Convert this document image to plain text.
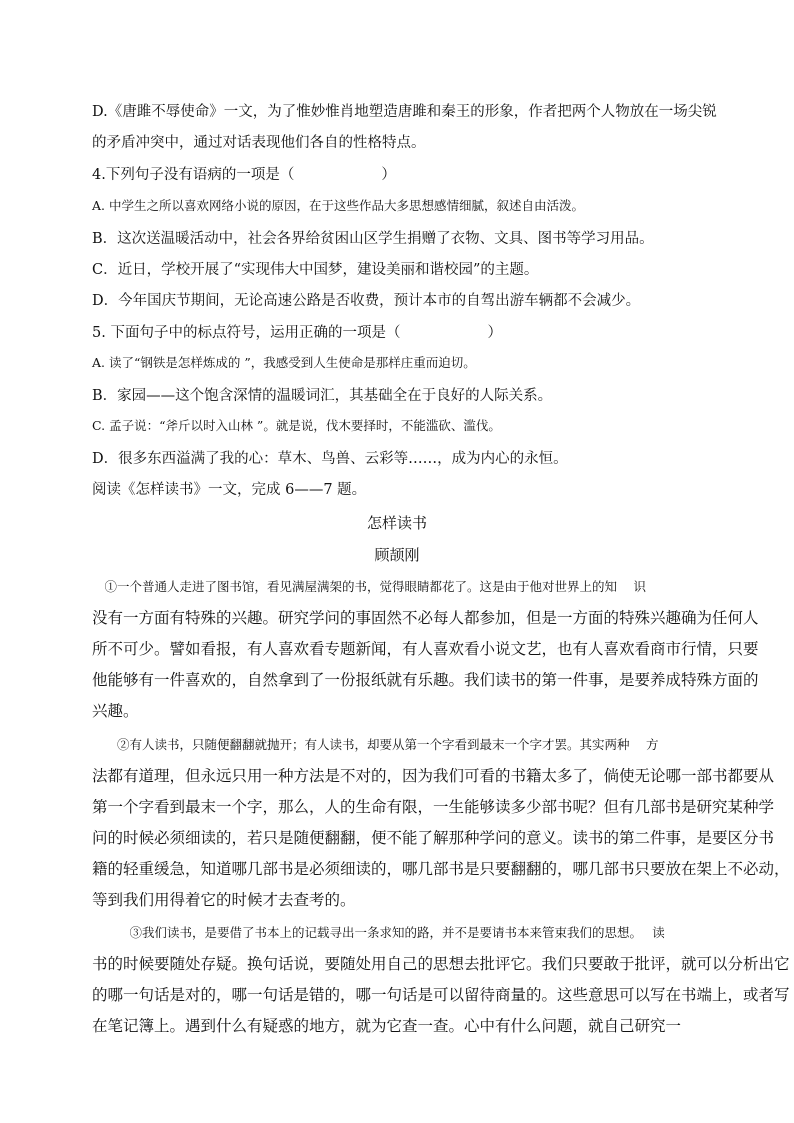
D.《唐雎不辱使命》一文，为了惟妙惟肖地塑造唐雎和秦王的形象，作者把两个人物放在一场尖锐
的矛盾冲突中，通过对话表现他们各自的性格特点。
4.下列句子没有语病的一项是（　　　　　　）
A. 中学生之所以喜欢网络小说的原因，在于这些作品大多思想感情细腻，叙述自由活泼。
B．这次送温暖活动中，社会各界给贫困山区学生捐赠了衣物、文具、图书等学习用品。
C．近日，学校开展了“实现伟大中国梦，建设美丽和谐校园”的主题。
D．今年国庆节期间，无论高速公路是否收费，预计本市的自驾出游车辆都不会减少。
5. 下面句子中的标点符号，运用正确的一项是（　　　　　　）
A. 读了“钢铁是怎样炼成的 ”，我感受到人生使命是那样庄重而迫切。
B．家园——这个饱含深情的温暖词汇，其基础全在于良好的人际关系。
C. 孟子说：“斧斤以时入山林 ”。就是说，伐木要择时，不能滥砍、滥伐。
D．很多东西溢满了我的心：草木、鸟兽、云彩等……，成为内心的永恒。
阅读《怎样读书》一文，完成 6——7 题。
怎样读书
顾颉刚
　①一个普通人走进了图书馆，看见满屋满架的书，觉得眼睛都花了。这是由于他对世界上的知　 识
没有一方面有特殊的兴趣。研究学问的事固然不必每人都参加，但是一方面的特殊兴趣确为任何人
所不可少。譬如看报，有人喜欢看专题新闻，有人喜欢看小说文艺，也有人喜欢看商市行情，只要
他能够有一件喜欢的，自然拿到了一份报纸就有乐趣。我们读书的第一件事，是要养成特殊方面的
兴趣。
　　②有人读书，只随便翻翻就抛开；有人读书，却要从第一个字看到最末一个字才罢。其实两种　 方
法都有道理，但永远只用一种方法是不对的，因为我们可看的书籍太多了，倘使无论哪一部书都要从
第一个字看到最末一个字，那么，人的生命有限，一生能够读多少部书呢？但有几部书是研究某种学
问的时候必须细读的，若只是随便翻翻，便不能了解那种学问的意义。读书的第二件事，是要区分书
籍的轻重缓急，知道哪几部书是必须细读的，哪几部书是只要翻翻的，哪几部书只要放在架上不必动，
等到我们用得着它的时候才去查考的。
　　　③我们读书，是要借了书本上的记载寻出一条求知的路，并不是要请书本来管束我们的思想。　 读
书的时候要随处存疑。换句话说，要随处用自己的思想去批评它。我们只要敢于批评，就可以分析出它
的哪一句话是对的，哪一句话是错的，哪一句话是可以留待商量的。这些意思可以写在书端上，或者写
在笔记簿上。遇到什么有疑惑的地方，就为它查一查。心中有什么问题，就自己研究一
